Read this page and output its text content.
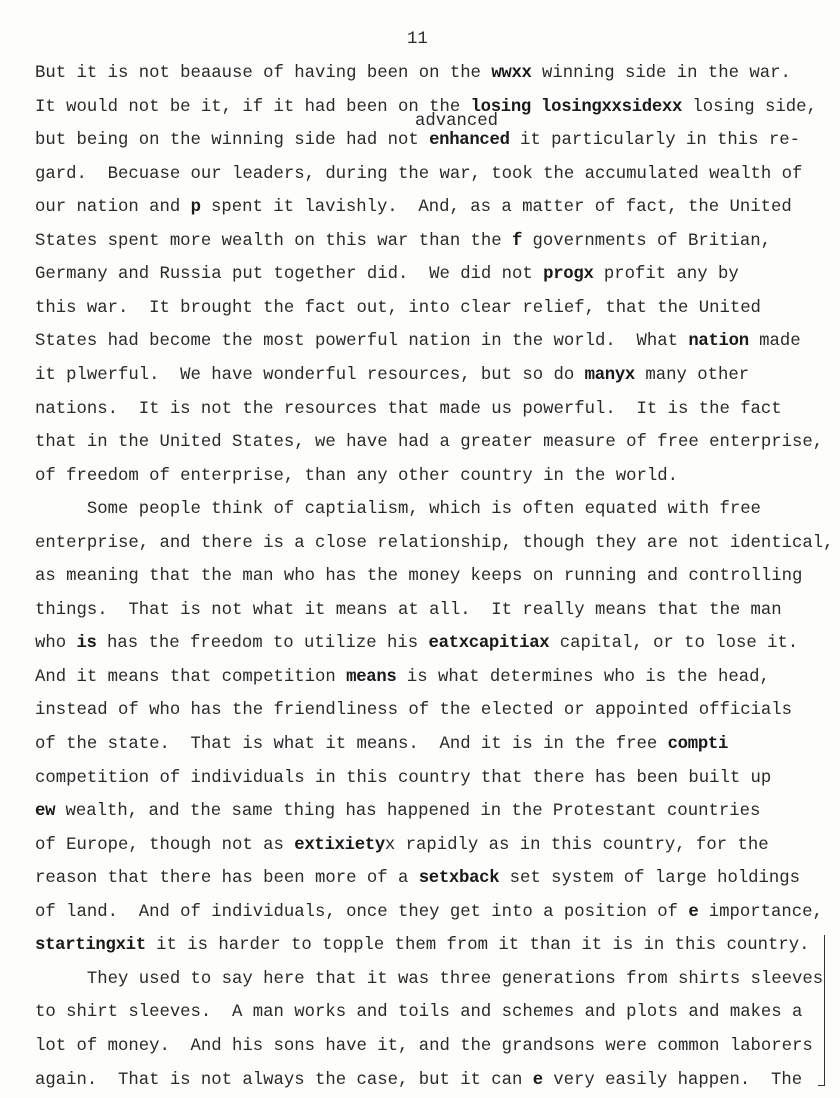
11
advanced
But it is not beaause of having been on the wwxx winning side in the war.
It would not be it, if it had been on the losing losingxxsidexx losing side,
but being on the winning side had not enhanced it particularly in this re-
gard.  Becuase our leaders, during the war, took the accumulated wealth of
our nation and p spent it lavishly.  And, as a matter of fact, the United
States spent more wealth on this war than the f governments of Britian,
Germany and Russia put together did.  We did not progx profit any by
this war.  It brought the fact out, into clear relief, that the United
States had become the most powerful nation in the world.  What nation made
it plwerful.  We have wonderful resources, but so do manyx many other
nations.  It is not the resources that made us powerful.  It is the fact
that in the United States, we have had a greater measure of free enterprise,
of freedom of enterprise, than any other country in the world.
Some people think of captialism, which is often equated with free
enterprise, and there is a close relationship, though they are not identical,
as meaning that the man who has the money keeps on running and controlling
things.  That is not what it means at all.  It really means that the man
who is has the freedom to utilize his eatxcapitiax capital, or to lose it.
And it means that competition means is what determines who is the head,
instead of who has the friendliness of the elected or appointed officials
of the state.  That is what it means.  And it is in the free compti
competition of individuals in this country that there has been built up
ew wealth, and the same thing has happened in the Protestant countries
of Europe, though not as extixietyx rapidly as in this country, for the
reason that there has been more of a setxback set system of large holdings
of land.  And of individuals, once they get into a position of e importance,
startingxit it is harder to topple them from it than it is in this country.
They used to say here that it was three generations from shirts sleeves
to shirt sleeves.  A man works and toils and schemes and plots and makes a
lot of money.  And his sons have it, and the grandsons were common laborers
again.  That is not always the case, but it can e very easily happen.  The
